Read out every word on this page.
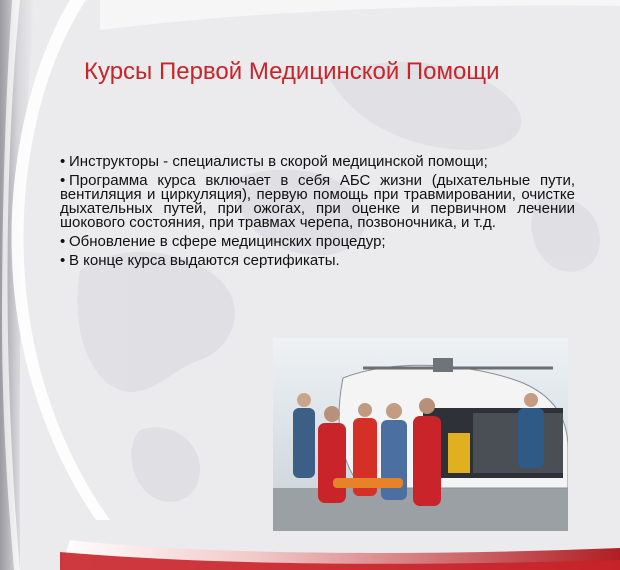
Курсы Первой Медицинской Помощи
• Инструкторы - специалисты в скорой медицинской помощи;
• Программа курса включает в себя АБС жизни (дыхательные пути, вентиляция и циркуляция), первую помощь при травмировании, очистке дыхательных путей, при ожогах, при оценке и первичном лечении шокового состояния, при травмах черепа, позвоночника, и т.д.
• Обновление в сфере медицинских процедур;
• В конце курса выдаются сертификаты.
